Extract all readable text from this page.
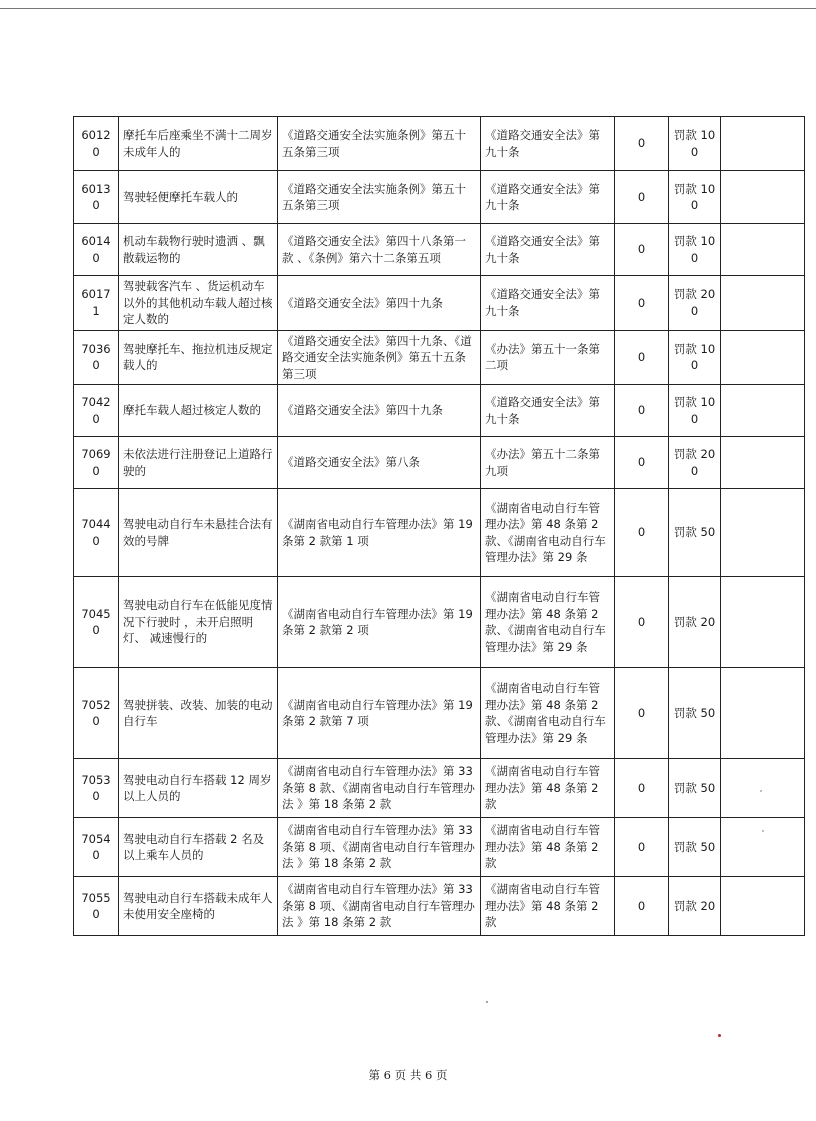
60120	摩托车后座乘坐不满十二周岁未成年人的	《道路交通安全法实施条例》第五十五条第三项	《道路交通安全法》第九十条	0	罚款 100	
60130	驾驶轻便摩托车载人的	《道路交通安全法实施条例》第五十五条第三项	《道路交通安全法》第九十条	0	罚款 100	
60140	机动车载物行驶时遗洒 、飘散载运物的	《道路交通安全法》第四十八条第一款 、《条例》第六十二条第五项	《道路交通安全法》第九十条	0	罚款 100	
60171	驾驶载客汽车 、货运机动车以外的其他机动车载人超过核定人数的	《道路交通安全法》第四十九条	《道路交通安全法》第九十条	0	罚款 200	
70360	驾驶摩托车、拖拉机违反规定载人的	《道路交通安全法》第四十九条、《道路交通安全法实施条例》第五十五条第三项	《办法》第五十一条第二项	0	罚款 100	
70420	摩托车载人超过核定人数的	《道路交通安全法》第四十九条	《道路交通安全法》第九十条	0	罚款 100	
70690	未依法进行注册登记上道路行驶的	《道路交通安全法》第八条	《办法》第五十二条第九项	0	罚款 200	
70440	驾驶电动自行车未悬挂合法有效的号牌	《湖南省电动自行车管理办法》第 19 条第 2 款第 1 项	《湖南省电动自行车管理办法》第 48 条第 2 款、《湖南省电动自行车管理办法》第 29 条	0	罚款 50	
70450	驾驶电动自行车在低能见度情况下行驶时 ，未开启照明灯、 减速慢行的	《湖南省电动自行车管理办法》第 19 条第 2 款第 2 项	《湖南省电动自行车管理办法》第 48 条第 2 款、《湖南省电动自行车管理办法》第 29 条	0	罚款 20	
70520	驾驶拼装、改装、加装的电动自行车	《湖南省电动自行车管理办法》第 19 条第 2 款第 7 项	《湖南省电动自行车管理办法》第 48 条第 2 款、《湖南省电动自行车管理办法》第 29 条	0	罚款 50	
70530	驾驶电动自行车搭载 12 周岁以上人员的	《湖南省电动自行车管理办法》第 33 条第 8 款、《湖南省电动自行车管理办法 》第 18 条第 2 款	《湖南省电动自行车管理办法》第 48 条第 2 款	0	罚款 50	
70540	驾驶电动自行车搭载 2 名及以上乘车人员的	《湖南省电动自行车管理办法》第 33 条第 8 项、《湖南省电动自行车管理办法 》第 18 条第 2 款	《湖南省电动自行车管理办法》第 48 条第 2 款	0	罚款 50	
70550	驾驶电动自行车搭载未成年人未使用安全座椅的	《湖南省电动自行车管理办法》第 33 条第 8 项、《湖南省电动自行车管理办法 》第 18 条第 2 款	《湖南省电动自行车管理办法》第 48 条第 2 款	0	罚款 20	
第 6 页 共 6 页
